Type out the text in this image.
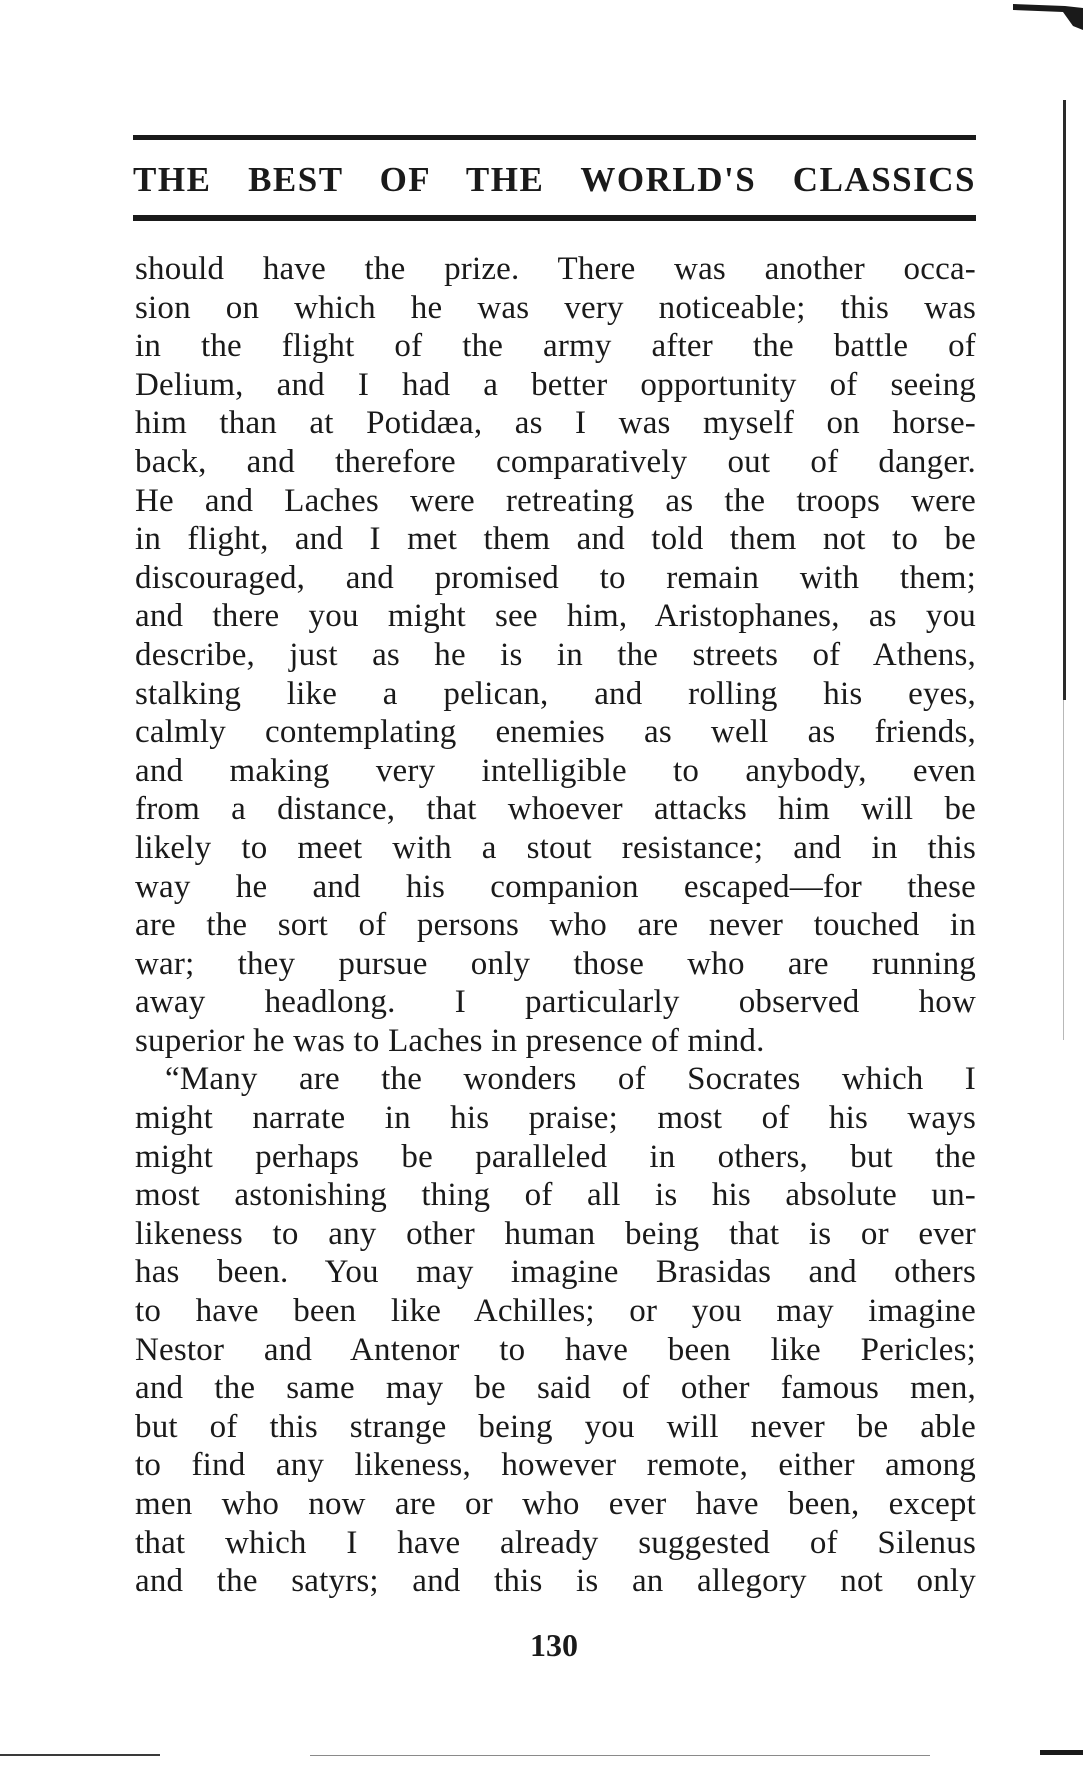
THE BEST OF THE WORLD'S CLASSICS
should have the prize. There was another occa-
sion on which he was very noticeable; this was
in the flight of the army after the battle of
Delium, and I had a better opportunity of seeing
him than at Potidæa, as I was myself on horse-
back, and therefore comparatively out of danger.
He and Laches were retreating as the troops were
in flight, and I met them and told them not to be
discouraged, and promised to remain with them;
and there you might see him, Aristophanes, as you
describe, just as he is in the streets of Athens,
stalking like a pelican, and rolling his eyes,
calmly contemplating enemies as well as friends,
and making very intelligible to anybody, even
from a distance, that whoever attacks him will be
likely to meet with a stout resistance; and in this
way he and his companion escaped—for these
are the sort of persons who are never touched in
war; they pursue only those who are running
away headlong. I particularly observed how
superior he was to Laches in presence of mind.
“Many are the wonders of Socrates which I
might narrate in his praise; most of his ways
might perhaps be paralleled in others, but the
most astonishing thing of all is his absolute un-
likeness to any other human being that is or ever
has been. You may imagine Brasidas and others
to have been like Achilles; or you may imagine
Nestor and Antenor to have been like Pericles;
and the same may be said of other famous men,
but of this strange being you will never be able
to find any likeness, however remote, either among
men who now are or who ever have been, except
that which I have already suggested of Silenus
and the satyrs; and this is an allegory not only
130
